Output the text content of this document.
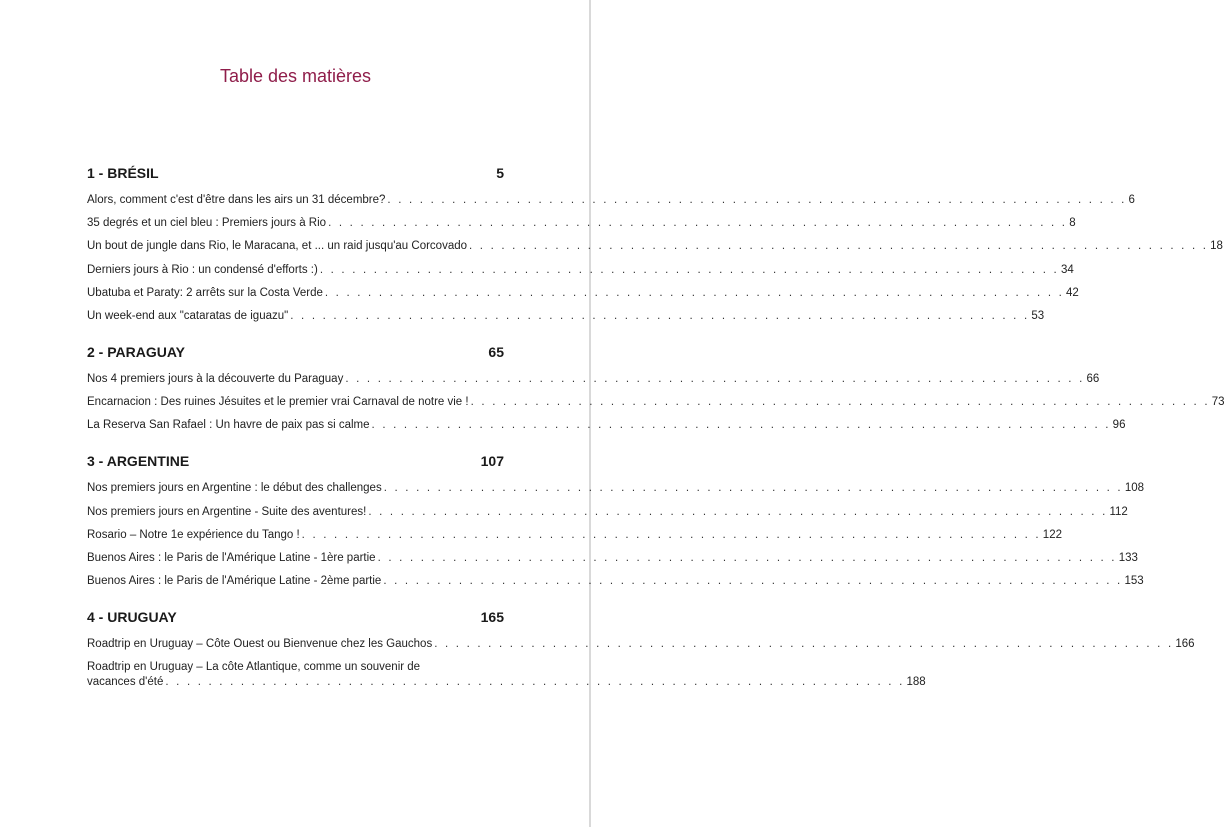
Table des matières
1 - BRÉSIL	5
Alors, comment c'est d'être dans les airs un 31 décembre? . . .	6
35 degrés et un ciel bleu : Premiers jours à Rio . . .	8
Un bout de jungle dans Rio, le Maracana, et ... un raid jusqu'au Corcovado . . .	18
Derniers jours à Rio : un condensé d'efforts :) . . .	34
Ubatuba et Paraty: 2 arrêts sur la Costa Verde . . .	42
Un week-end aux "cataratas de iguazu" . . .	53
2 - PARAGUAY	65
Nos 4 premiers jours à la découverte du Paraguay . . .	66
Encarnacion : Des ruines Jésuites et le premier vrai Carnaval de notre vie ! . . .	73
La Reserva San Rafael : Un havre de paix pas si calme . . .	96
3 - ARGENTINE	107
Nos premiers jours en Argentine : le début des challenges . . .	108
Nos premiers jours en Argentine - Suite des aventures! . . .	112
Rosario – Notre 1e expérience du Tango ! . . .	122
Buenos Aires : le Paris de l'Amérique Latine - 1ère partie . . .	133
Buenos Aires : le Paris de l'Amérique Latine - 2ème partie . . .	153
4 - URUGUAY	165
Roadtrip en Uruguay – Côte Ouest ou Bienvenue chez les Gauchos . . .	166
Roadtrip en Uruguay – La côte Atlantique, comme un souvenir de
vacances d'été . . .	188
